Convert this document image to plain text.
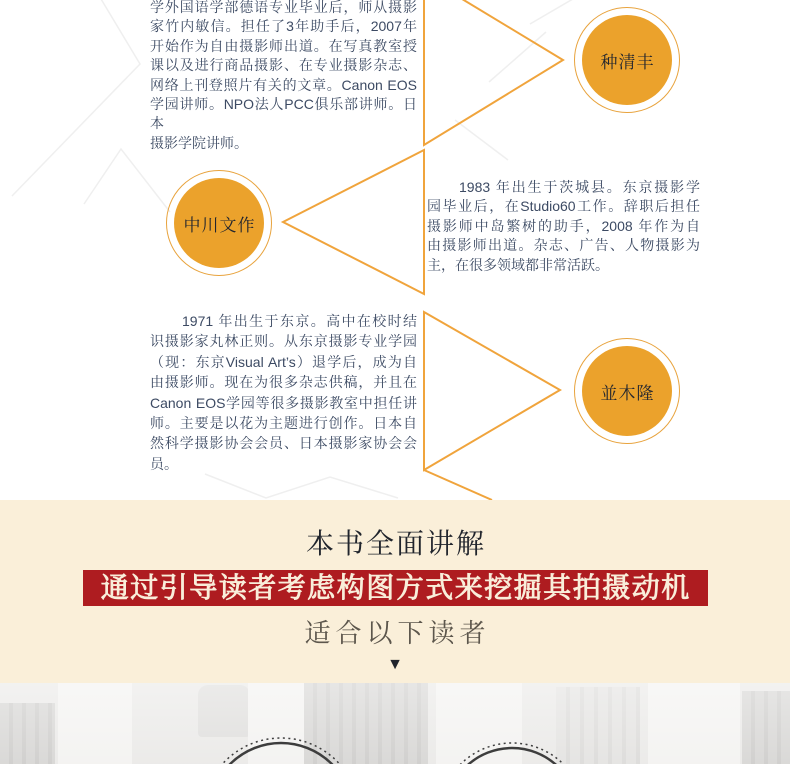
学外国语学部德语专业毕业后，师从摄影
家竹内敏信。担任了3年助手后，2007年
开始作为自由摄影师出道。在写真教室授
课以及进行商品摄影、在专业摄影杂志、
网络上刊登照片有关的文章。Canon EOS
学园讲师。NPO法人PCC俱乐部讲师。日本
摄影学院讲师。
种清丰
中川文作
1983 年出生于茨城县。东京摄影学
园毕业后，在Studio60工作。辞职后担任
摄影师中岛繁树的助手，2008 年作为自
由摄影师出道。杂志、广告、人物摄影为
主，在很多领域都非常活跃。
1971 年出生于东京。高中在校时结
识摄影家丸林正则。从东京摄影专业学园
（现：东京Visual Art’s）退学后，成为自
由摄影师。现在为很多杂志供稿，并且在
Canon EOS学园等很多摄影教室中担任讲
师。主要是以花为主题进行创作。日本自
然科学摄影协会会员、日本摄影家协会会
员。
並木隆
本书全面讲解
通过引导读者考虑构图方式来挖掘其拍摄动机
适合以下读者
▼
